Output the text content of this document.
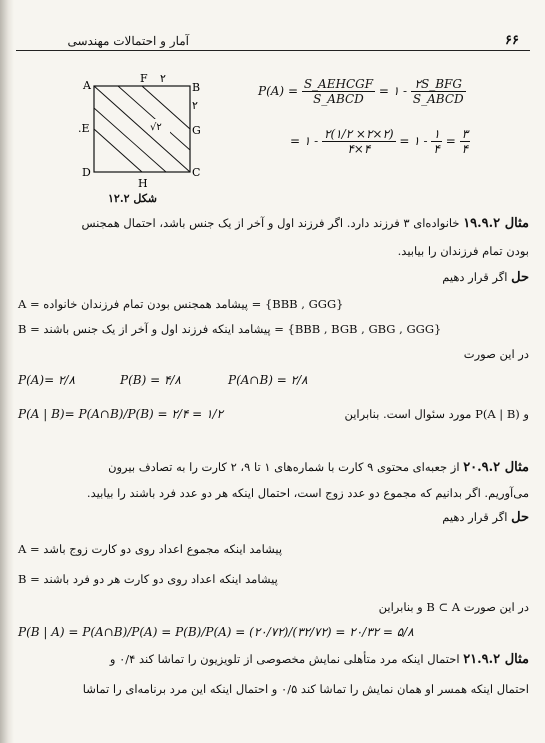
۶۶
آمار و احتمالات مهندسی
A
F ۲
B
۲
√۲	G
.E
D	C
H
شکل ۱۲.۲
$P(A) = \frac{\text{S\_AEHCGF}}{\text{S\_ABCD}}$ = ۱ - $\frac{\text{۲S\_BFG}}{\text{S\_ABCD}}$
= ۱ - $\frac{۲(۱/۲ \times ۲\times ۲)}{۴\times ۴}$ = ۱ - $\frac{۱}{۴} = \frac{۳}{۴}$
مثال ۱۹.۹.۲ خانواده‌ای ۳ فرزند دارد. اگر فرزند اول و آخر از یک جنس باشد، احتمال همجنس
بودن تمام فرزندان را بیابید.
حل اگر قرار دهیم
A = پیشامد همجنس بودن تمام فرزندان خانواده = {BBB , GGG}
B = پیشامد اینکه فرزند اول و آخر از یک جنس باشند = {BBB , BGB , GBG , GGG}
در این صورت
P(A)= ۲/۸	P(B) = ۴/۸	P(A∩B) = ۲/۸
و P(A | B) مورد سئوال است. بنابراین
P(A | B)= P(A∩B)/P(B) = ۲/۴ = ۱/۲
مثال ۲۰.۹.۲ از جعبه‌ای محتوی ۹ کارت با شماره‌های ۱ تا ۹، ۲ کارت را به تصادف بیرون
می‌آوریم. اگر بدانیم که مجموع دو عدد زوج است، احتمال اینکه هر دو عدد فرد باشند را بیابید.
حل اگر قرار دهیم
A = پیشامد اینکه مجموع اعداد روی دو کارت زوج باشد
B = پیشامد اینکه اعداد روی دو کارت هر دو فرد باشند
در این صورت B ⊂ A و بنابراین
P(B | A) = P(A∩B)/P(A) = P(B)/P(A) = (۲۰/۷۲)/(۳۲/۷۲) = ۲۰/۳۲ = ۵/۸
مثال ۲۱.۹.۲ احتمال اینکه مرد متأهلی نمایش مخصوصی از تلویزیون را تماشا کند ۰/۴ و
احتمال اینکه همسر او همان نمایش را تماشا کند ۰/۵ و احتمال اینکه این مرد برنامه‌ای را تماشا
